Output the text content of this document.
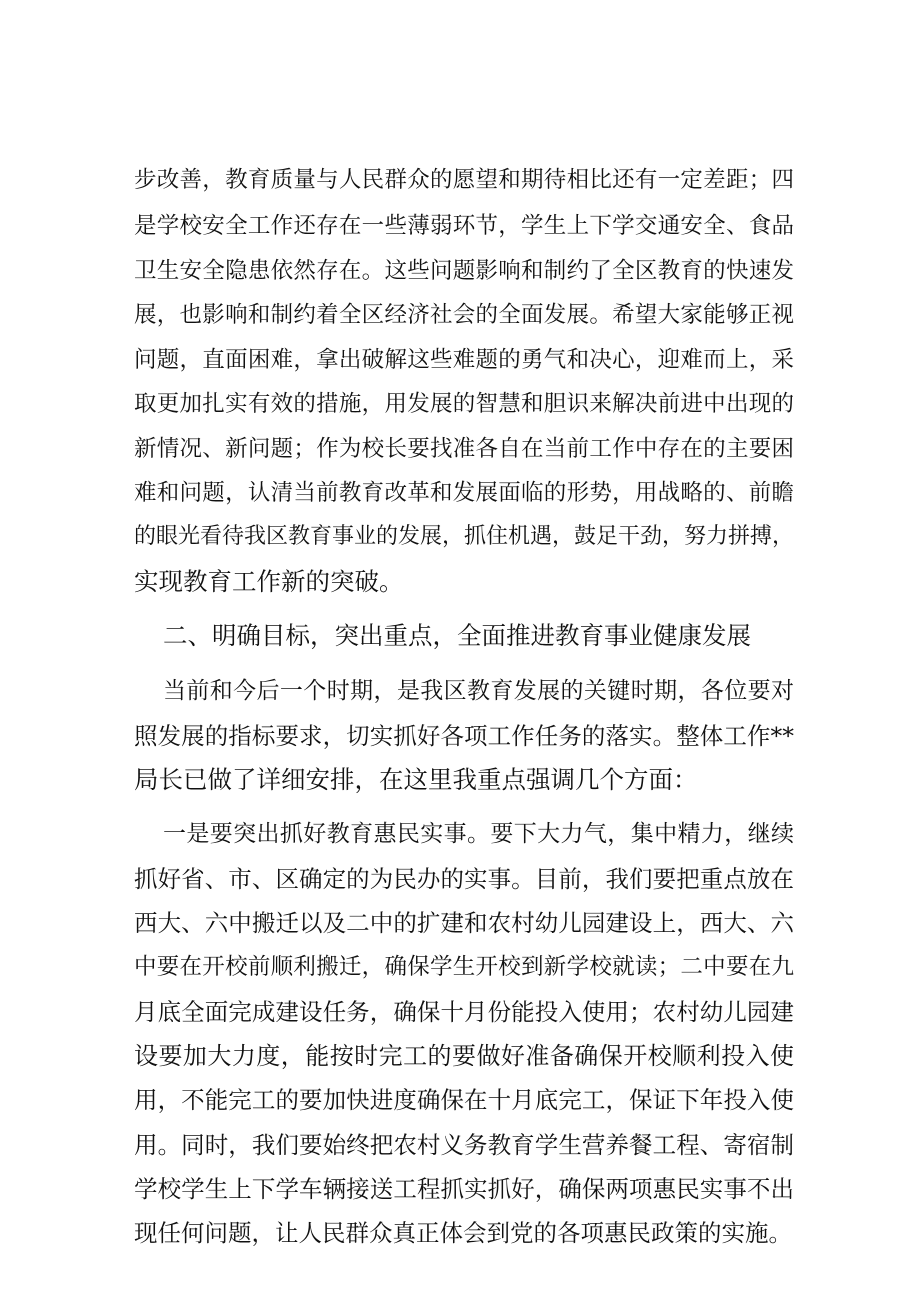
步改善，教育质量与人民群众的愿望和期待相比还有一定差距；四
是学校安全工作还存在一些薄弱环节，学生上下学交通安全、食品
卫生安全隐患依然存在。这些问题影响和制约了全区教育的快速发
展，也影响和制约着全区经济社会的全面发展。希望大家能够正视
问题，直面困难，拿出破解这些难题的勇气和决心，迎难而上，采
取更加扎实有效的措施，用发展的智慧和胆识来解决前进中出现的
新情况、新问题；作为校长要找准各自在当前工作中存在的主要困
难和问题，认清当前教育改革和发展面临的形势，用战略的、前瞻
的眼光看待我区教育事业的发展，抓住机遇，鼓足干劲，努力拼搏，
实现教育工作新的突破。
二、明确目标，突出重点，全面推进教育事业健康发展
当前和今后一个时期，是我区教育发展的关键时期，各位要对
照发展的指标要求，切实抓好各项工作任务的落实。整体工作**
局长已做了详细安排，在这里我重点强调几个方面：
一是要突出抓好教育惠民实事。要下大力气，集中精力，继续
抓好省、市、区确定的为民办的实事。目前，我们要把重点放在
西大、六中搬迁以及二中的扩建和农村幼儿园建设上，西大、六
中要在开校前顺利搬迁，确保学生开校到新学校就读；二中要在九
月底全面完成建设任务，确保十月份能投入使用；农村幼儿园建
设要加大力度，能按时完工的要做好准备确保开校顺利投入使
用，不能完工的要加快进度确保在十月底完工，保证下年投入使
用。同时，我们要始终把农村义务教育学生营养餐工程、寄宿制
学校学生上下学车辆接送工程抓实抓好，确保两项惠民实事不出
现任何问题，让人民群众真正体会到党的各项惠民政策的实施。
